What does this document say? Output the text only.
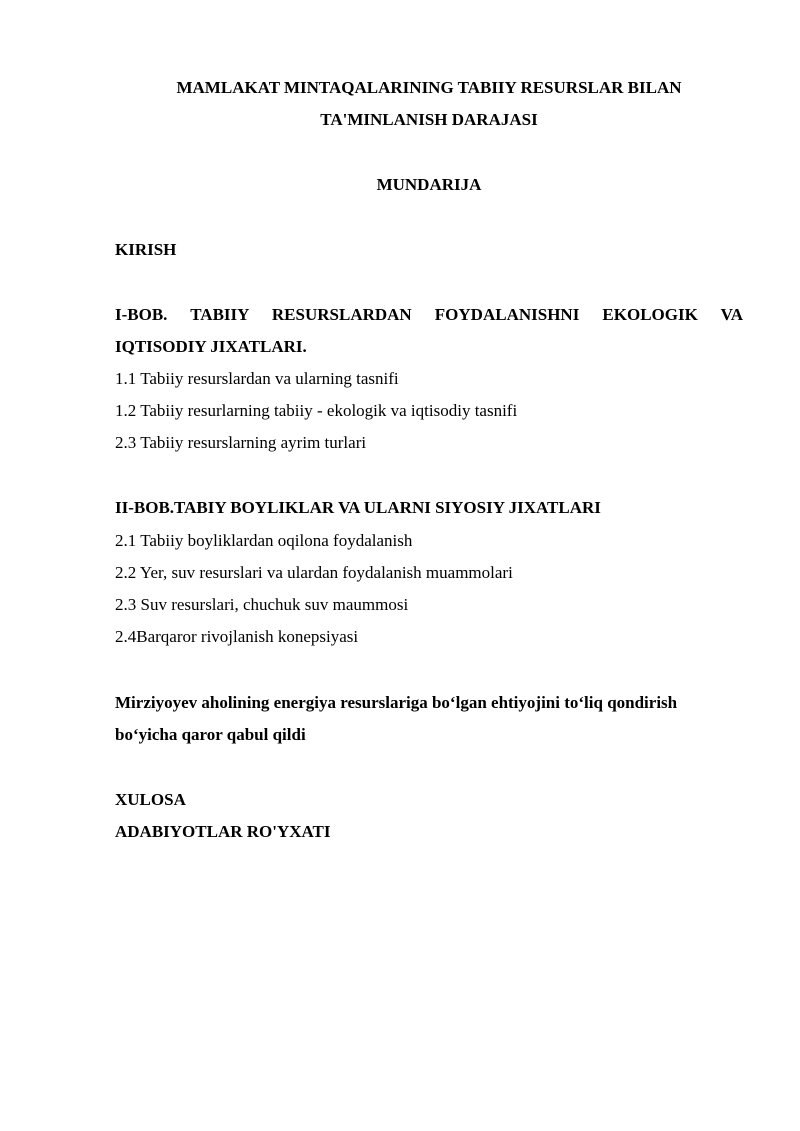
MAMLAKAT MINTAQALARINING TABIIY RESURSLAR BILAN
TA'MINLANISH DARAJASI
MUNDARIJA
KIRISH
I-BOB. TABIIY RESURSLARDAN FOYDALANISHNI EKOLOGIK VA
IQTISODIY JIXATLARI.
1.1 Tabiiy resurslardan va ularning tasnifi
1.2 Tabiiy resurlarning tabiiy - ekologik va iqtisodiy tasnifi
2.3 Tabiiy resurslarning ayrim turlari
II-BOB.TABIY BOYLIKLAR VA ULARNI SIYOSIY JIXATLARI
2.1 Tabiiy boyliklardan oqilona foydalanish
2.2 Yer, suv resurslari va ulardan foydalanish muammolari
2.3 Suv resurslari, chuchuk suv maummosi
2.4Barqaror rivojlanish konepsiyasi
Mirziyoyev aholining energiya resurslariga bo‘lgan ehtiyojini to‘liq qondirish
bo‘yicha qaror qabul qildi
XULOSA
ADABIYOTLAR RO'YXATI
